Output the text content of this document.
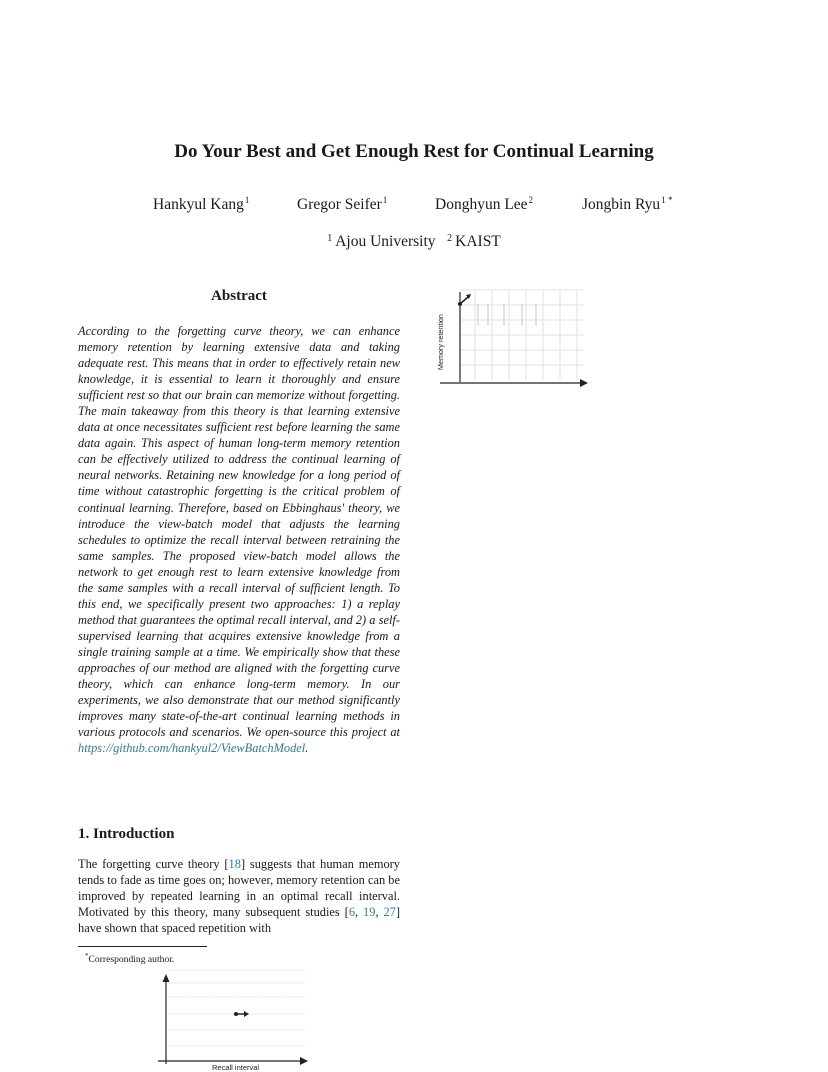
Do Your Best and Get Enough Rest for Continual Learning
Hankyul Kang$^1$	Gregor Seifer$^1$	Donghyun Lee$^2$	Jongbin Ryu$^{1 *}$
$^1$ Ajou University $^2$ KAIST
Abstract

According to the forgetting curve theory, we can enhance memory retention by learning extensive data and taking adequate rest. This means that in order to effectively retain new knowledge, it is essential to learn it thoroughly and ensure sufficient rest so that our brain can memorize without forgetting. The main takeaway from this theory is that learning extensive data at once necessitates sufficient rest before learning the same data again. This aspect of human long-term memory retention can be effectively utilized to address the continual learning of neural networks. Retaining new knowledge for a long period of time without catastrophic forgetting is the critical problem of continual learning. Therefore, based on Ebbinghaus' theory, we introduce the view-batch model that adjusts the learning schedules to optimize the recall interval between retraining the same samples. The proposed view-batch model allows the network to get enough rest to learn extensive knowledge from the same samples with a recall interval of sufficient length. To this end, we specifically present two approaches: 1) a replay method that guarantees the optimal recall interval, and 2) a self-supervised learning that acquires extensive knowledge from a single training sample at a time. We empirically show that these approaches of our method are aligned with the forgetting curve theory, which can enhance long-term memory. In our experiments, we also demonstrate that our method significantly improves many state-of-the-art continual learning methods in various protocols and scenarios. We open-source this project at https://github.com/hankyul2/ViewBatchModel.

1. Introduction

The forgetting curve theory [18] suggests that human memory tends to fade as time goes on; however, memory retention can be improved by repeated learning in an optimal recall interval. Motivated by this theory, many subsequent studies [6, 19, 27] have shown that spaced repetition with

*Corresponding author.
Memory retention
Recall interval
